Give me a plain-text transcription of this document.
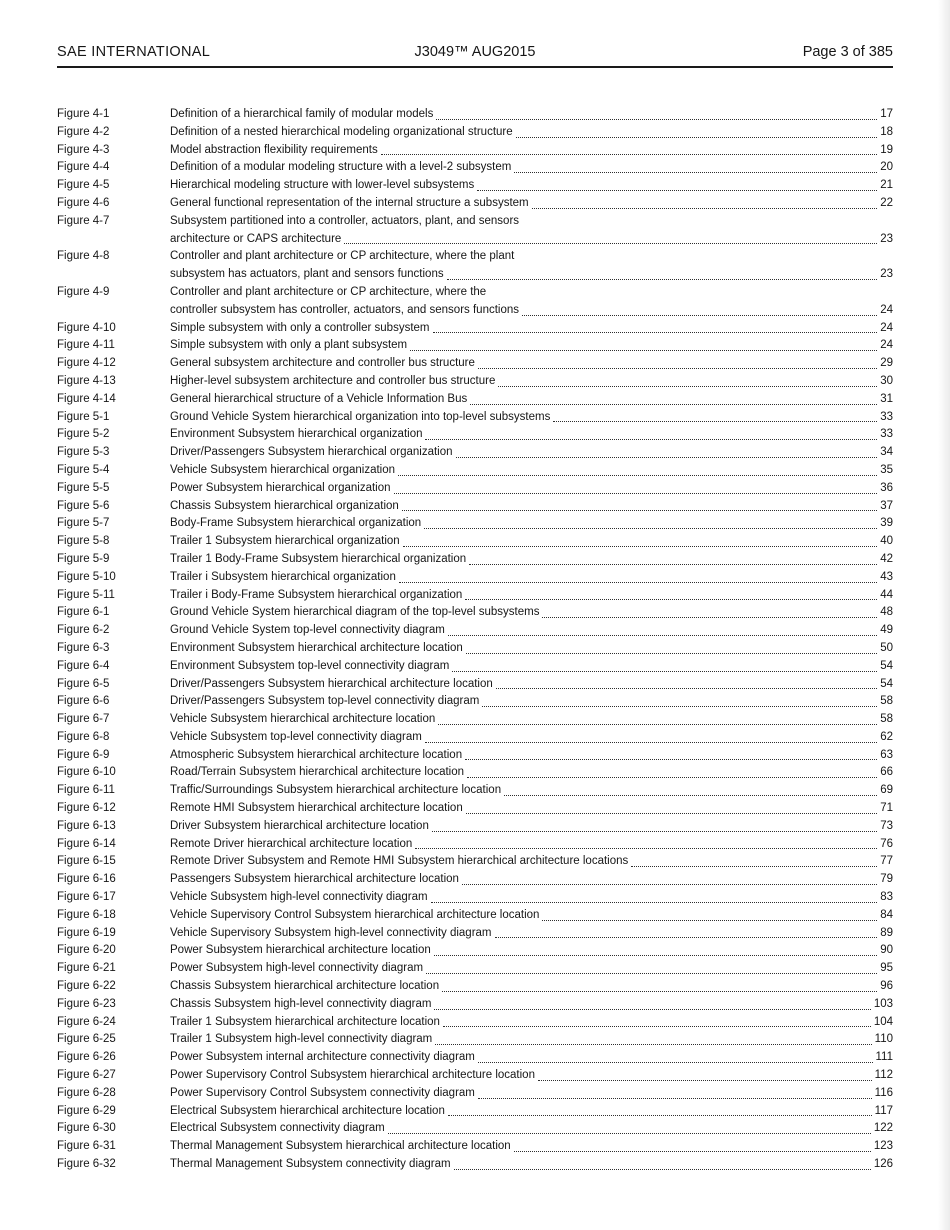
SAE INTERNATIONAL	J3049™ AUG2015	Page 3 of 385
Figure 4-1	Definition of a hierarchical family of modular models	17
Figure 4-2	Definition of a nested hierarchical modeling organizational structure	18
Figure 4-3	Model abstraction flexibility requirements	19
Figure 4-4	Definition of a modular modeling structure with a level-2 subsystem	20
Figure 4-5	Hierarchical modeling structure with lower-level subsystems	21
Figure 4-6	General functional representation of the internal structure a subsystem	22
Figure 4-7	Subsystem partitioned into a controller, actuators, plant, and sensors
architecture or CAPS architecture	23
Figure 4-8	Controller and plant architecture or CP architecture, where the plant
subsystem has actuators, plant and sensors functions	23
Figure 4-9	Controller and plant architecture or CP architecture, where the
controller subsystem has controller, actuators, and sensors functions	24
Figure 4-10	Simple subsystem with only a controller subsystem	24
Figure 4-11	Simple subsystem with only a plant subsystem	24
Figure 4-12	General subsystem architecture and controller bus structure	29
Figure 4-13	Higher-level subsystem architecture and controller bus structure	30
Figure 4-14	General hierarchical structure of a Vehicle Information Bus	31
Figure 5-1	Ground Vehicle System hierarchical organization into top-level subsystems	33
Figure 5-2	Environment Subsystem hierarchical organization	33
Figure 5-3	Driver/Passengers Subsystem hierarchical organization	34
Figure 5-4	Vehicle Subsystem hierarchical organization	35
Figure 5-5	Power Subsystem hierarchical organization	36
Figure 5-6	Chassis Subsystem hierarchical organization	37
Figure 5-7	Body-Frame Subsystem hierarchical organization	39
Figure 5-8	Trailer 1 Subsystem hierarchical organization	40
Figure 5-9	Trailer 1 Body-Frame Subsystem hierarchical organization	42
Figure 5-10	Trailer i Subsystem hierarchical organization	43
Figure 5-11	Trailer i Body-Frame Subsystem hierarchical organization	44
Figure 6-1	Ground Vehicle System hierarchical diagram of the top-level subsystems	48
Figure 6-2	Ground Vehicle System top-level connectivity diagram	49
Figure 6-3	Environment Subsystem hierarchical architecture location	50
Figure 6-4	Environment Subsystem top-level connectivity diagram	54
Figure 6-5	Driver/Passengers Subsystem hierarchical architecture location	54
Figure 6-6	Driver/Passengers Subsystem top-level connectivity diagram	58
Figure 6-7	Vehicle Subsystem hierarchical architecture location	58
Figure 6-8	Vehicle Subsystem top-level connectivity diagram	62
Figure 6-9	Atmospheric Subsystem hierarchical architecture location	63
Figure 6-10	Road/Terrain Subsystem hierarchical architecture location	66
Figure 6-11	Traffic/Surroundings Subsystem hierarchical architecture location	69
Figure 6-12	Remote HMI Subsystem hierarchical architecture location	71
Figure 6-13	Driver Subsystem hierarchical architecture location	73
Figure 6-14	Remote Driver hierarchical architecture location	76
Figure 6-15	Remote Driver Subsystem and Remote HMI Subsystem hierarchical architecture locations	77
Figure 6-16	Passengers Subsystem hierarchical architecture location	79
Figure 6-17	Vehicle Subsystem high-level connectivity diagram	83
Figure 6-18	Vehicle Supervisory Control Subsystem hierarchical architecture location	84
Figure 6-19	Vehicle Supervisory Subsystem high-level connectivity diagram	89
Figure 6-20	Power Subsystem hierarchical architecture location	90
Figure 6-21	Power Subsystem high-level connectivity diagram	95
Figure 6-22	Chassis Subsystem hierarchical architecture location	96
Figure 6-23	Chassis Subsystem high-level connectivity diagram	103
Figure 6-24	Trailer 1 Subsystem hierarchical architecture location	104
Figure 6-25	Trailer 1 Subsystem high-level connectivity diagram	110
Figure 6-26	Power Subsystem internal architecture connectivity diagram	111
Figure 6-27	Power Supervisory Control Subsystem hierarchical architecture location	112
Figure 6-28	Power Supervisory Control Subsystem connectivity diagram	116
Figure 6-29	Electrical Subsystem hierarchical architecture location	117
Figure 6-30	Electrical Subsystem connectivity diagram	122
Figure 6-31	Thermal Management Subsystem hierarchical architecture location	123
Figure 6-32	Thermal Management Subsystem connectivity diagram	126
